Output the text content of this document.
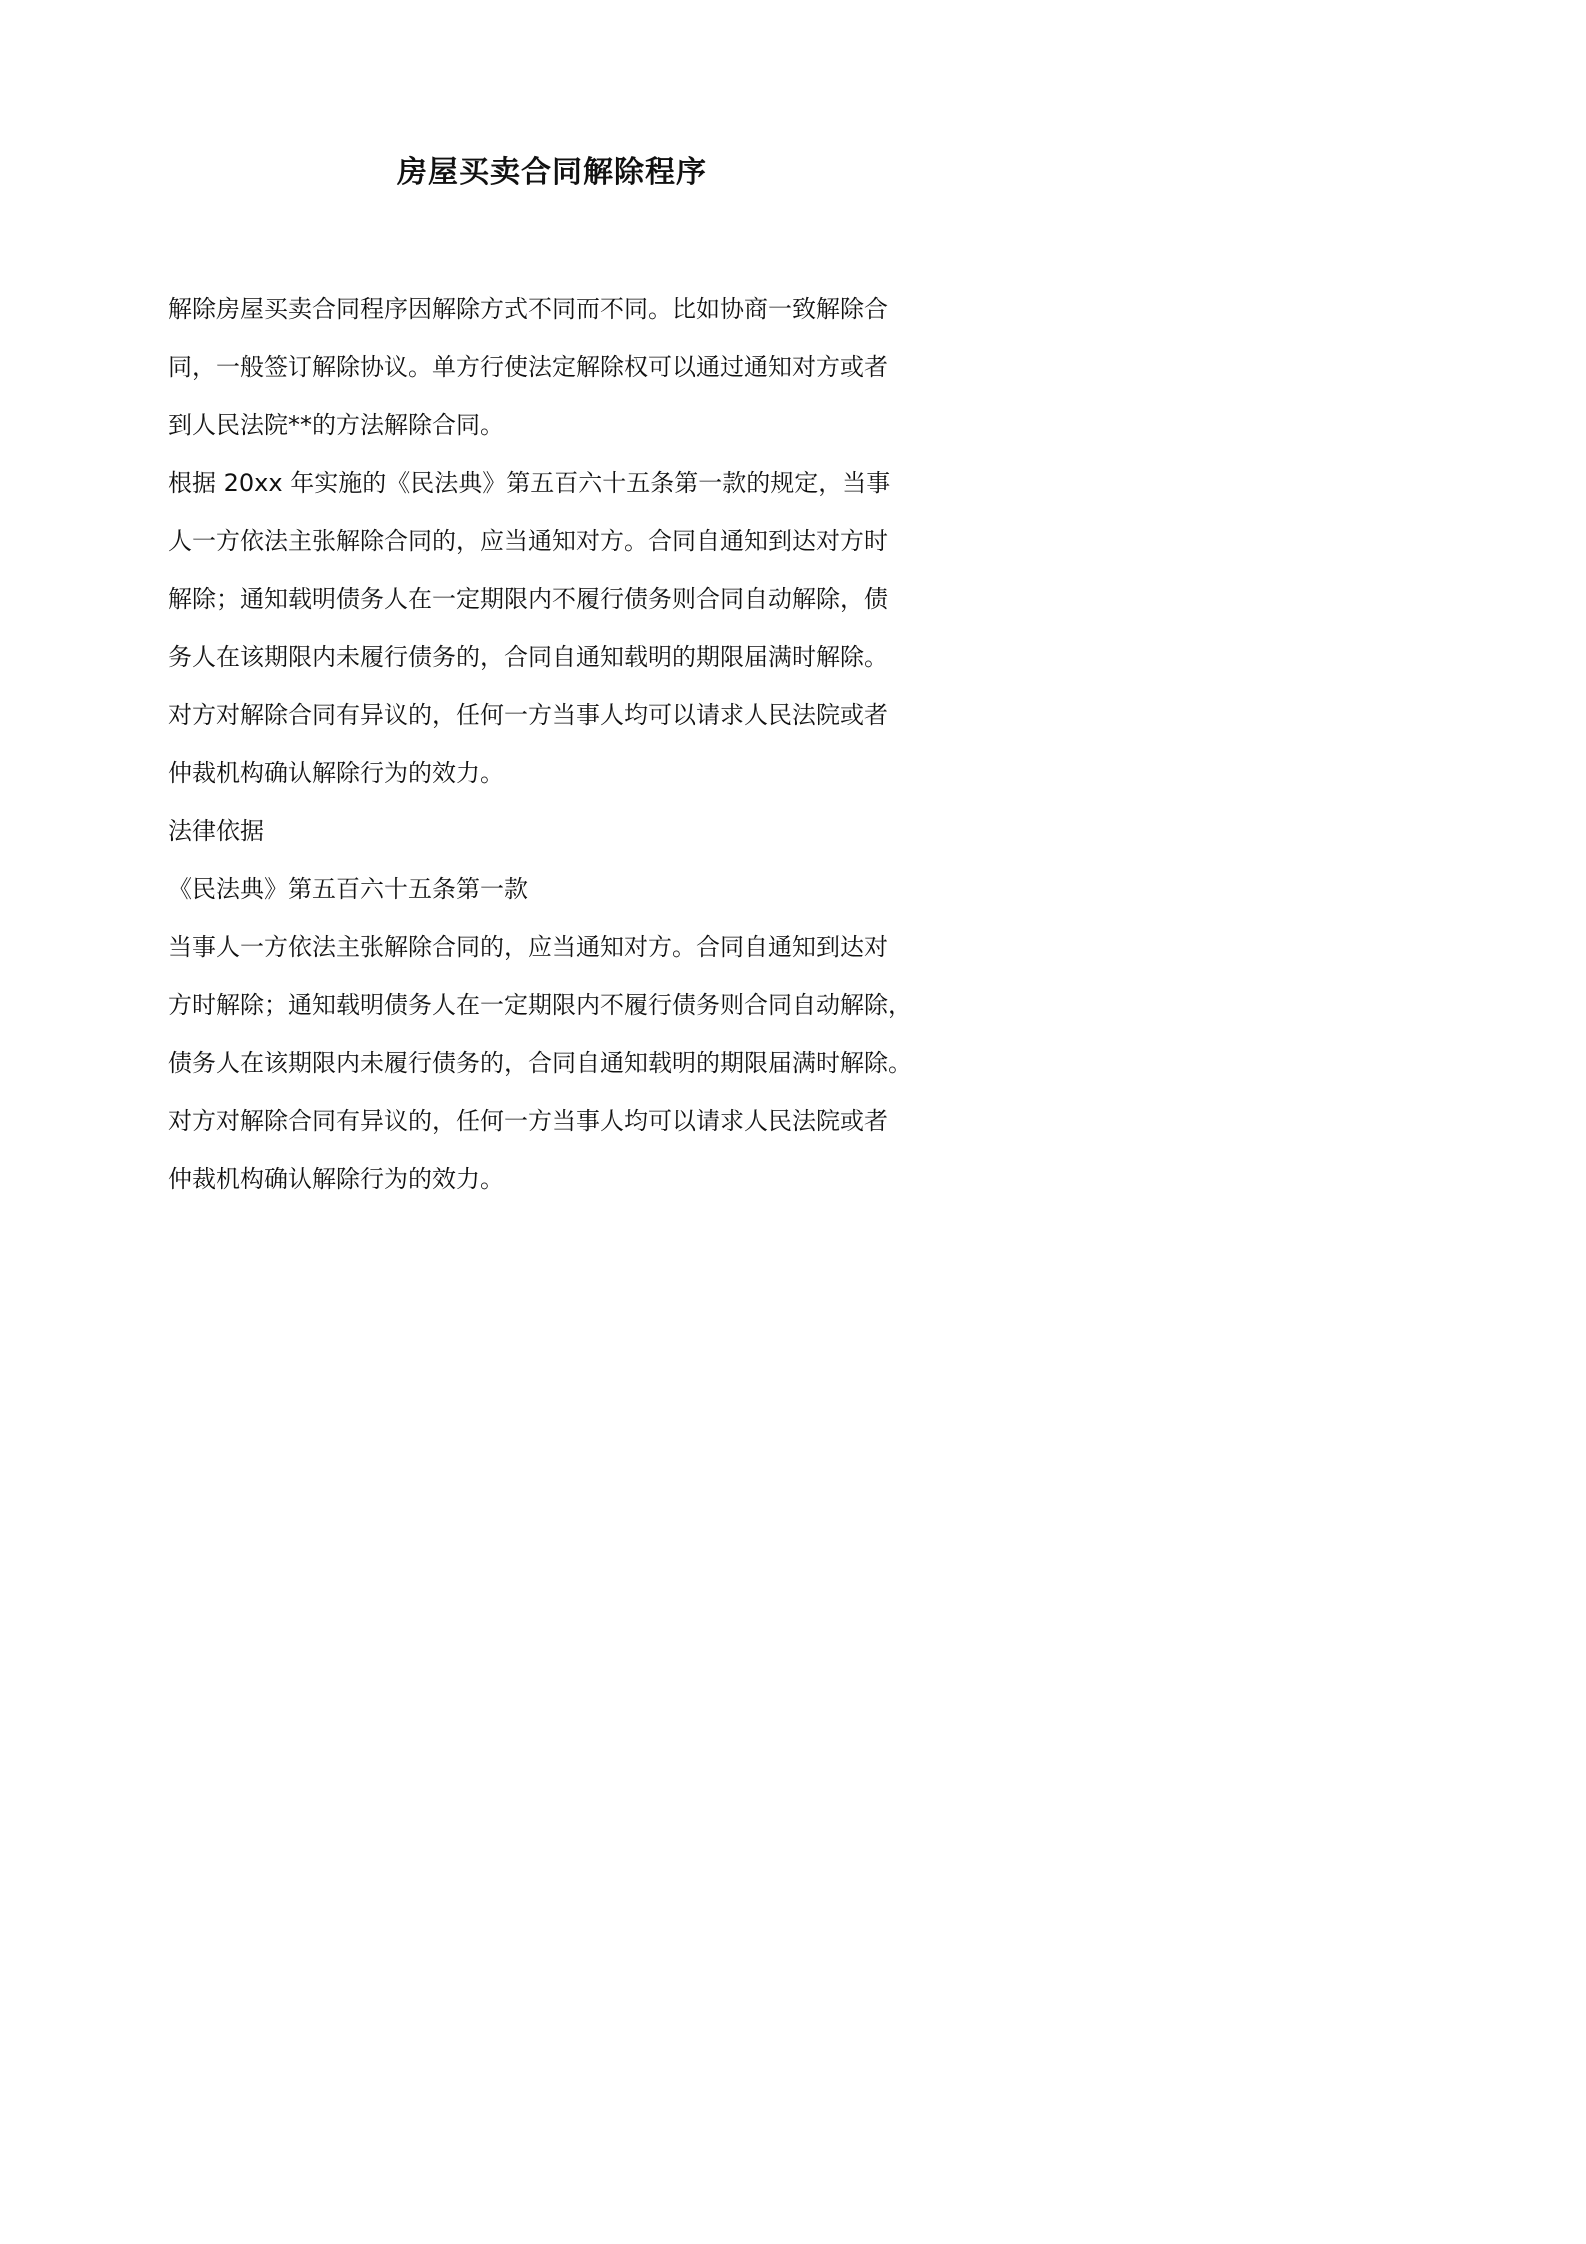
房屋买卖合同解除程序

解除房屋买卖合同程序因解除方式不同而不同。比如协商一致解除合

同，一般签订解除协议。单方行使法定解除权可以通过通知对方或者

到人民法院**的方法解除合同。

根据 20xx 年实施的《民法典》第五百六十五条第一款的规定，当事

人一方依法主张解除合同的，应当通知对方。合同自通知到达对方时

解除；通知载明债务人在一定期限内不履行债务则合同自动解除，债

务人在该期限内未履行债务的，合同自通知载明的期限届满时解除。

对方对解除合同有异议的，任何一方当事人均可以请求人民法院或者

仲裁机构确认解除行为的效力。

法律依据

《民法典》第五百六十五条第一款

当事人一方依法主张解除合同的，应当通知对方。合同自通知到达对

方时解除；通知载明债务人在一定期限内不履行债务则合同自动解除，

债务人在该期限内未履行债务的，合同自通知载明的期限届满时解除。

对方对解除合同有异议的，任何一方当事人均可以请求人民法院或者

仲裁机构确认解除行为的效力。
